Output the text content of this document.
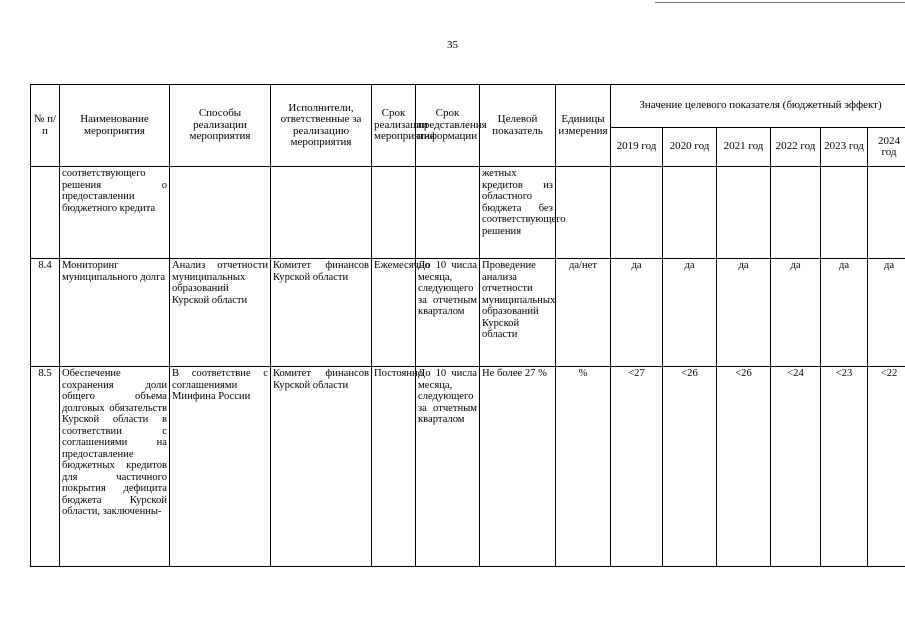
35
№ п/п	Наименование мероприятия	Способы реализации мероприятия	Исполнители, ответственные за реализацию мероприятия	Срок реализации мероприятия	Срок представления информации	Целевой показатель	Единицы измерения	Значение целевого показателя (бюджетный эффект)					
								2019 год	2020 год	2021 год	2022 год	2023 год	2024 год
	соответствующего решения о предоставлении бюджетного кредита					жетных кредитов из областного бюджета без соответствующего решения							
8.4	Мониторинг муниципального долга	Анализ отчетности муниципальных образований Курской области	Комитет финансов Курской области	Ежемесячно	До 10 числа месяца, следующего за отчетным кварталом	Проведение анализа отчетности муниципальных образований Курской области	да/нет	да	да	да	да	да	да
8.5	Обеспечение сохранения доли общего объема долговых обязательств Курской области в соответствии с соглашениями на предоставление бюджетных кредитов для частичного покрытия дефицита бюджета Курской области, заключенны-	В соответствие с соглашениями Минфина России	Комитет финансов Курской области	Постоянно	До 10 числа месяца, следующего за отчетным кварталом	Не более 27 %	%	<27	<26	<26	<24	<23	<22
